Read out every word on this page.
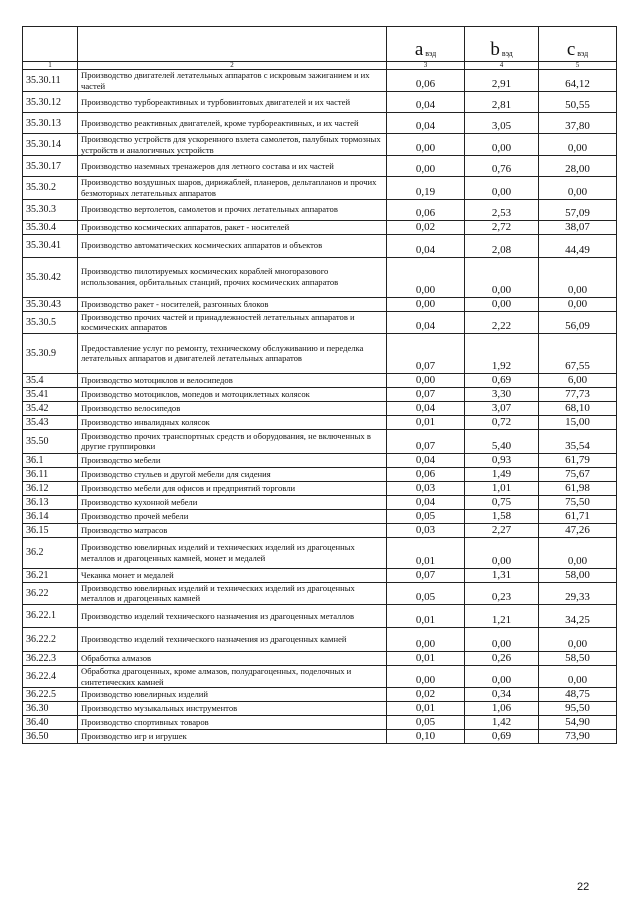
		a вэд	b вэд	c вэд
1	2	3	4	5
35.30.11	Производство двигателей летательных аппаратов с искровым зажиганием и их частей	0,06	2,91	64,12
35.30.12	Производство турбореактивных и турбовинтовых двигателей и их частей	0,04	2,81	50,55
35.30.13	Производство реактивных двигателей, кроме турбореактивных, и их частей	0,04	3,05	37,80
35.30.14	Производство устройств для ускоренного взлета самолетов, палубных тормозных устройств и аналогичных устройств	0,00	0,00	0,00
35.30.17	Производство наземных тренажеров для летного состава и их частей	0,00	0,76	28,00
35.30.2	Производство воздушных шаров, дирижаблей, планеров, дельтапланов и прочих безмоторных летательных аппаратов	0,19	0,00	0,00
35.30.3	Производство вертолетов, самолетов и прочих летательных аппаратов	0,06	2,53	57,09
35.30.4	Производство космических аппаратов, ракет - носителей	0,02	2,72	38,07
35.30.41	Производство автоматических космических аппаратов и объектов	0,04	2,08	44,49
35.30.42	Производство пилотируемых космических кораблей многоразового использования, орбитальных станций, прочих космических аппаратов	0,00	0,00	0,00
35.30.43	Производство ракет - носителей, разгонных блоков	0,00	0,00	0,00
35.30.5	Производство прочих частей и принадлежностей летательных аппаратов и космических аппаратов	0,04	2,22	56,09
35.30.9	Предоставление услуг по ремонту, техническому обслуживанию и переделка летательных аппаратов и двигателей летательных аппаратов	0,07	1,92	67,55
35.4	Производство мотоциклов и велосипедов	0,00	0,69	6,00
35.41	Производство мотоциклов, мопедов и мотоциклетных колясок	0,07	3,30	77,73
35.42	Производство велосипедов	0,04	3,07	68,10
35.43	Производство инвалидных колясок	0,01	0,72	15,00
35.50	Производство прочих транспортных средств и оборудования, не включенных в другие группировки	0,07	5,40	35,54
36.1	Производство мебели	0,04	0,93	61,79
36.11	Производство стульев и другой мебели для сидения	0,06	1,49	75,67
36.12	Производство мебели для офисов и предприятий торговли	0,03	1,01	61,98
36.13	Производство кухонной мебели	0,04	0,75	75,50
36.14	Производство прочей мебели	0,05	1,58	61,71
36.15	Производство матрасов	0,03	2,27	47,26
36.2	Производство ювелирных изделий и технических изделий из драгоценных металлов и драгоценных камней, монет и медалей	0,01	0,00	0,00
36.21	Чеканка монет и медалей	0,07	1,31	58,00
36.22	Производство ювелирных изделий и технических изделий из драгоценных металлов и драгоценных камней	0,05	0,23	29,33
36.22.1	Производство изделий технического назначения из драгоценных металлов	0,01	1,21	34,25
36.22.2	Производство изделий технического назначения из драгоценных камней	0,00	0,00	0,00
36.22.3	Обработка алмазов	0,01	0,26	58,50
36.22.4	Обработка драгоценных, кроме алмазов, полудрагоценных, поделочных и синтетических камней	0,00	0,00	0,00
36.22.5	Производство ювелирных изделий	0,02	0,34	48,75
36.30	Производство музыкальных инструментов	0,01	1,06	95,50
36.40	Производство спортивных товаров	0,05	1,42	54,90
36.50	Производство игр и игрушек	0,10	0,69	73,90
22
